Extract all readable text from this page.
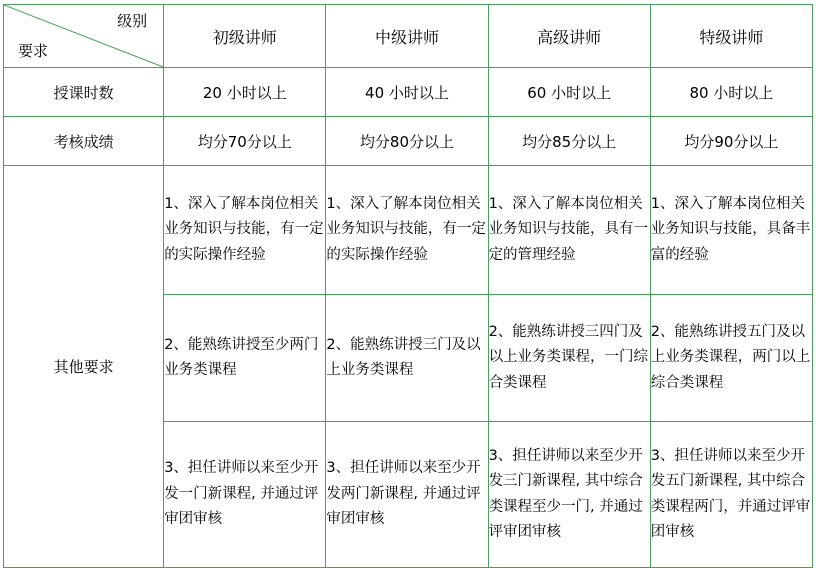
级别
要求	初级讲师	中级讲师	高级讲师	特级讲师
授课时数	20 小时以上	40 小时以上	60 小时以上	80 小时以上
考核成绩	均分70分以上	均分80分以上	均分85分以上	均分90分以上
其他要求	1、深入了解本岗位相关业务知识与技能，有一定的实际操作经验	1、深入了解本岗位相关业务知识与技能，有一定的实际操作经验	1、深入了解本岗位相关业务知识与技能，具有一定的管理经验	1、深入了解本岗位相关业务知识与技能，具备丰富的经验
	2、能熟练讲授至少两门业务类课程	2、能熟练讲授三门及以上业务类课程	2、能熟练讲授三四门及以上业务类课程，一门综合类课程	2、能熟练讲授五门及以上业务类课程，两门以上综合类课程
	3、担任讲师以来至少开发一门新课程, 并通过评审团审核	3、担任讲师以来至少开发两门新课程, 并通过评审团审核	3、担任讲师以来至少开发三门新课程, 其中综合类课程至少一门, 并通过评审团审核	3、担任讲师以来至少开发五门新课程, 其中综合类课程两门，并通过评审团审核
